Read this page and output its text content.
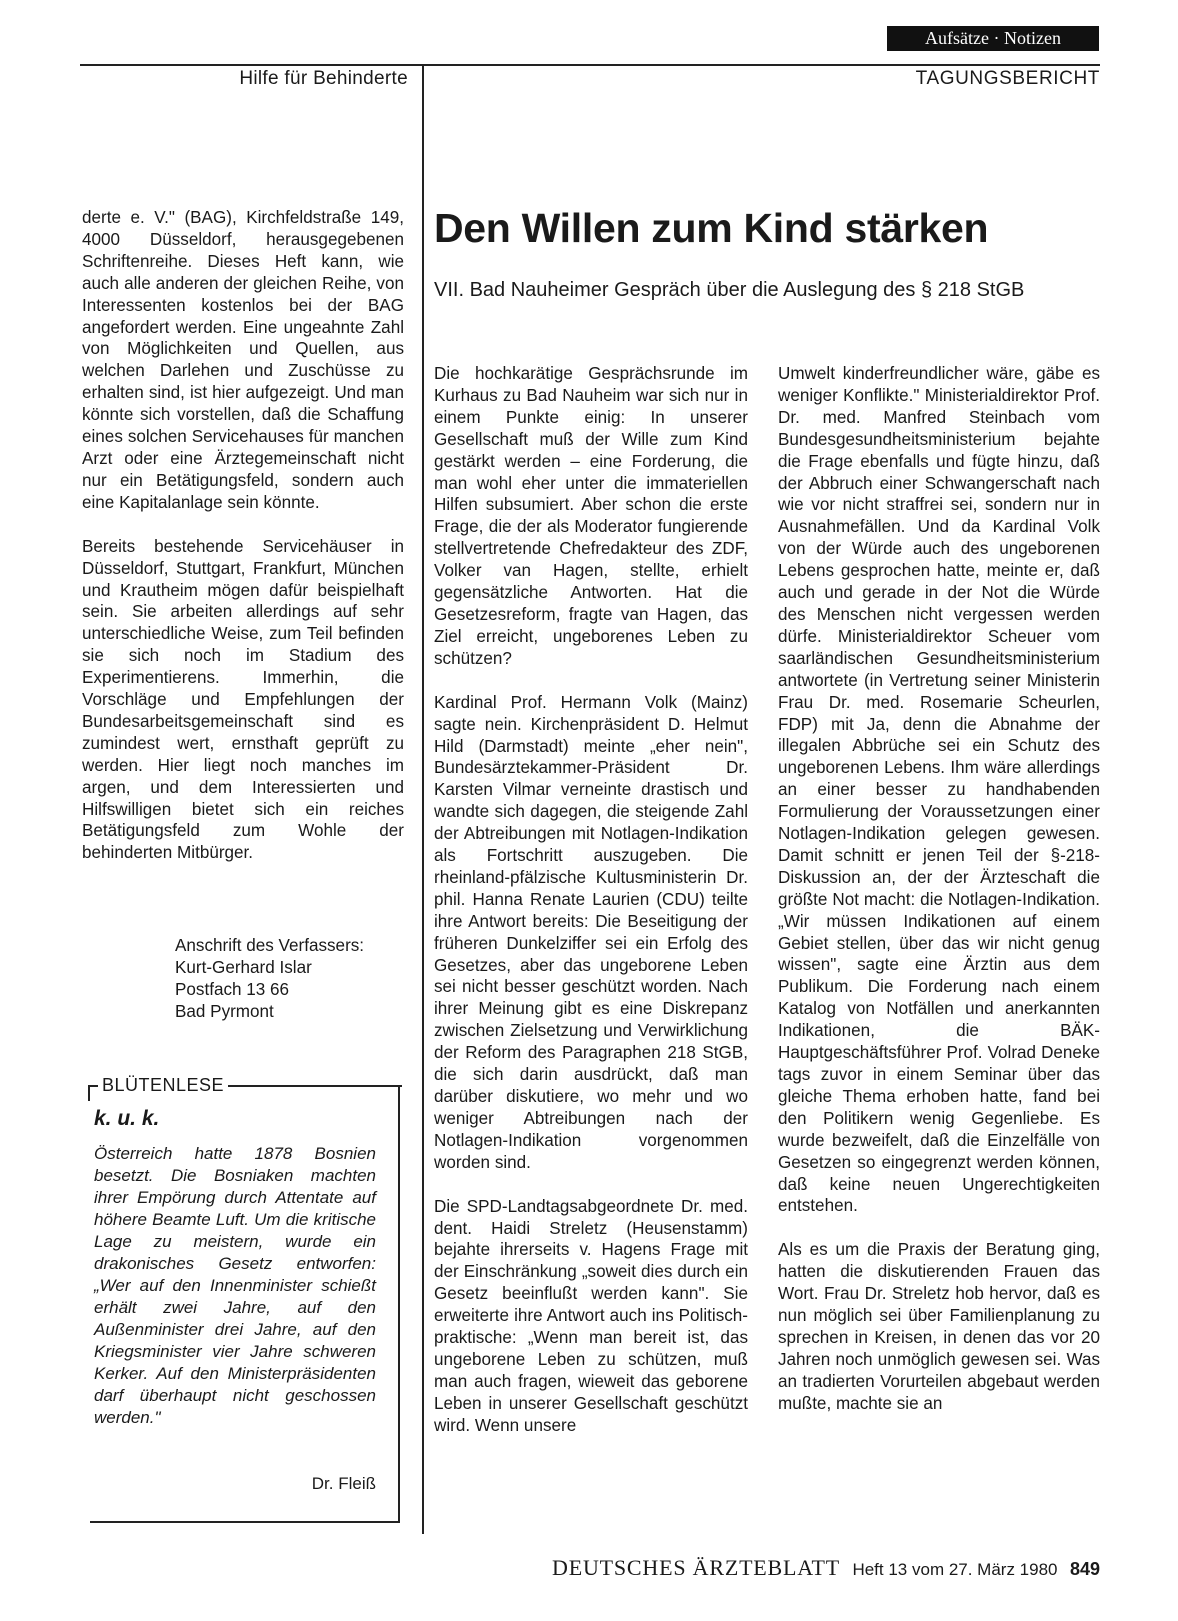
Aufsätze · Notizen
Hilfe für Behinderte	TAGUNGSBERICHT

derte e. V." (BAG), Kirchfeldstraße 149, 4000 Düsseldorf, herausgegebenen Schriftenreihe. Dieses Heft kann, wie auch alle anderen der gleichen Reihe, von Interessenten kostenlos bei der BAG angefordert werden. Eine ungeahnte Zahl von Möglichkeiten und Quellen, aus welchen Darlehen und Zuschüsse zu erhalten sind, ist hier aufgezeigt. Und man könnte sich vorstellen, daß die Schaffung eines solchen Servicehauses für manchen Arzt oder eine Ärztegemeinschaft nicht nur ein Betätigungsfeld, sondern auch eine Kapitalanlage sein könnte.

Bereits bestehende Servicehäuser in Düsseldorf, Stuttgart, Frankfurt, München und Krautheim mögen dafür beispielhaft sein. Sie arbeiten allerdings auf sehr unterschiedliche Weise, zum Teil befinden sie sich noch im Stadium des Experimentierens. Immerhin, die Vorschläge und Empfehlungen der Bundesarbeitsgemeinschaft sind es zumindest wert, ernsthaft geprüft zu werden. Hier liegt noch manches im argen, und dem Interessierten und Hilfswilligen bietet sich ein reiches Betätigungsfeld zum Wohle der behinderten Mitbürger.

Anschrift des Verfassers:
Kurt-Gerhard Islar
Postfach 13 66
Bad Pyrmont
BLÜTENLESE
k. u. k.
Österreich hatte 1878 Bosnien besetzt. Die Bosniaken machten ihrer Empörung durch Attentate auf höhere Beamte Luft. Um die kritische Lage zu meistern, wurde ein drakonisches Gesetz entworfen: „Wer auf den Innenminister schießt erhält zwei Jahre, auf den Außenminister drei Jahre, auf den Kriegsminister vier Jahre schweren Kerker. Auf den Ministerpräsidenten darf überhaupt nicht geschossen werden."
Dr. Fleiß
Den Willen zum Kind stärken
VII. Bad Nauheimer Gespräch über die Auslegung des § 218 StGB

Die hochkarätige Gesprächsrunde im Kurhaus zu Bad Nauheim war sich nur in einem Punkte einig: In unserer Gesellschaft muß der Wille zum Kind gestärkt werden – eine Forderung, die man wohl eher unter die immateriellen Hilfen subsumiert. Aber schon die erste Frage, die der als Moderator fungierende stellvertretende Chefredakteur des ZDF, Volker van Hagen, stellte, erhielt gegensätzliche Antworten. Hat die Gesetzesreform, fragte van Hagen, das Ziel erreicht, ungeborenes Leben zu schützen?

Kardinal Prof. Hermann Volk (Mainz) sagte nein. Kirchenpräsident D. Helmut Hild (Darmstadt) meinte „eher nein", Bundesärztekammer-Präsident Dr. Karsten Vilmar verneinte drastisch und wandte sich dagegen, die steigende Zahl der Abtreibungen mit Notlagen-Indikation als Fortschritt auszugeben. Die rheinland-pfälzische Kultusministerin Dr. phil. Hanna Renate Laurien (CDU) teilte ihre Antwort bereits: Die Beseitigung der früheren Dunkelziffer sei ein Erfolg des Gesetzes, aber das ungeborene Leben sei nicht besser geschützt worden. Nach ihrer Meinung gibt es eine Diskrepanz zwischen Zielsetzung und Verwirklichung der Reform des Paragraphen 218 StGB, die sich darin ausdrückt, daß man darüber diskutiere, wo mehr und wo weniger Abtreibungen nach der Notlagen-Indikation vorgenommen worden sind.

Die SPD-Landtagsabgeordnete Dr. med. dent. Haidi Streletz (Heusenstamm) bejahte ihrerseits v. Hagens Frage mit der Einschränkung „soweit dies durch ein Gesetz beeinflußt werden kann". Sie erweiterte ihre Antwort auch ins Politisch-praktische: „Wenn man bereit ist, das ungeborene Leben zu schützen, muß man auch fragen, wieweit das geborene Leben in unserer Gesellschaft geschützt wird. Wenn unsere

Umwelt kinderfreundlicher wäre, gäbe es weniger Konflikte." Ministerialdirektor Prof. Dr. med. Manfred Steinbach vom Bundesgesundheitsministerium bejahte die Frage ebenfalls und fügte hinzu, daß der Abbruch einer Schwangerschaft nach wie vor nicht straffrei sei, sondern nur in Ausnahmefällen. Und da Kardinal Volk von der Würde auch des ungeborenen Lebens gesprochen hatte, meinte er, daß auch und gerade in der Not die Würde des Menschen nicht vergessen werden dürfe. Ministerialdirektor Scheuer vom saarländischen Gesundheitsministerium antwortete (in Vertretung seiner Ministerin Frau Dr. med. Rosemarie Scheurlen, FDP) mit Ja, denn die Abnahme der illegalen Abbrüche sei ein Schutz des ungeborenen Lebens. Ihm wäre allerdings an einer besser zu handhabenden Formulierung der Voraussetzungen einer Notlagen-Indikation gelegen gewesen. Damit schnitt er jenen Teil der §-218-Diskussion an, der der Ärzteschaft die größte Not macht: die Notlagen-Indikation. „Wir müssen Indikationen auf einem Gebiet stellen, über das wir nicht genug wissen", sagte eine Ärztin aus dem Publikum. Die Forderung nach einem Katalog von Notfällen und anerkannten Indikationen, die BÄK-Hauptgeschäftsführer Prof. Volrad Deneke tags zuvor in einem Seminar über das gleiche Thema erhoben hatte, fand bei den Politikern wenig Gegenliebe. Es wurde bezweifelt, daß die Einzelfälle von Gesetzen so eingegrenzt werden können, daß keine neuen Ungerechtigkeiten entstehen.

Als es um die Praxis der Beratung ging, hatten die diskutierenden Frauen das Wort. Frau Dr. Streletz hob hervor, daß es nun möglich sei über Familienplanung zu sprechen in Kreisen, in denen das vor 20 Jahren noch unmöglich gewesen sei. Was an tradierten Vorurteilen abgebaut werden mußte, machte sie an

DEUTSCHES ÄRZTEBLATT Heft 13 vom 27. März 1980 849
